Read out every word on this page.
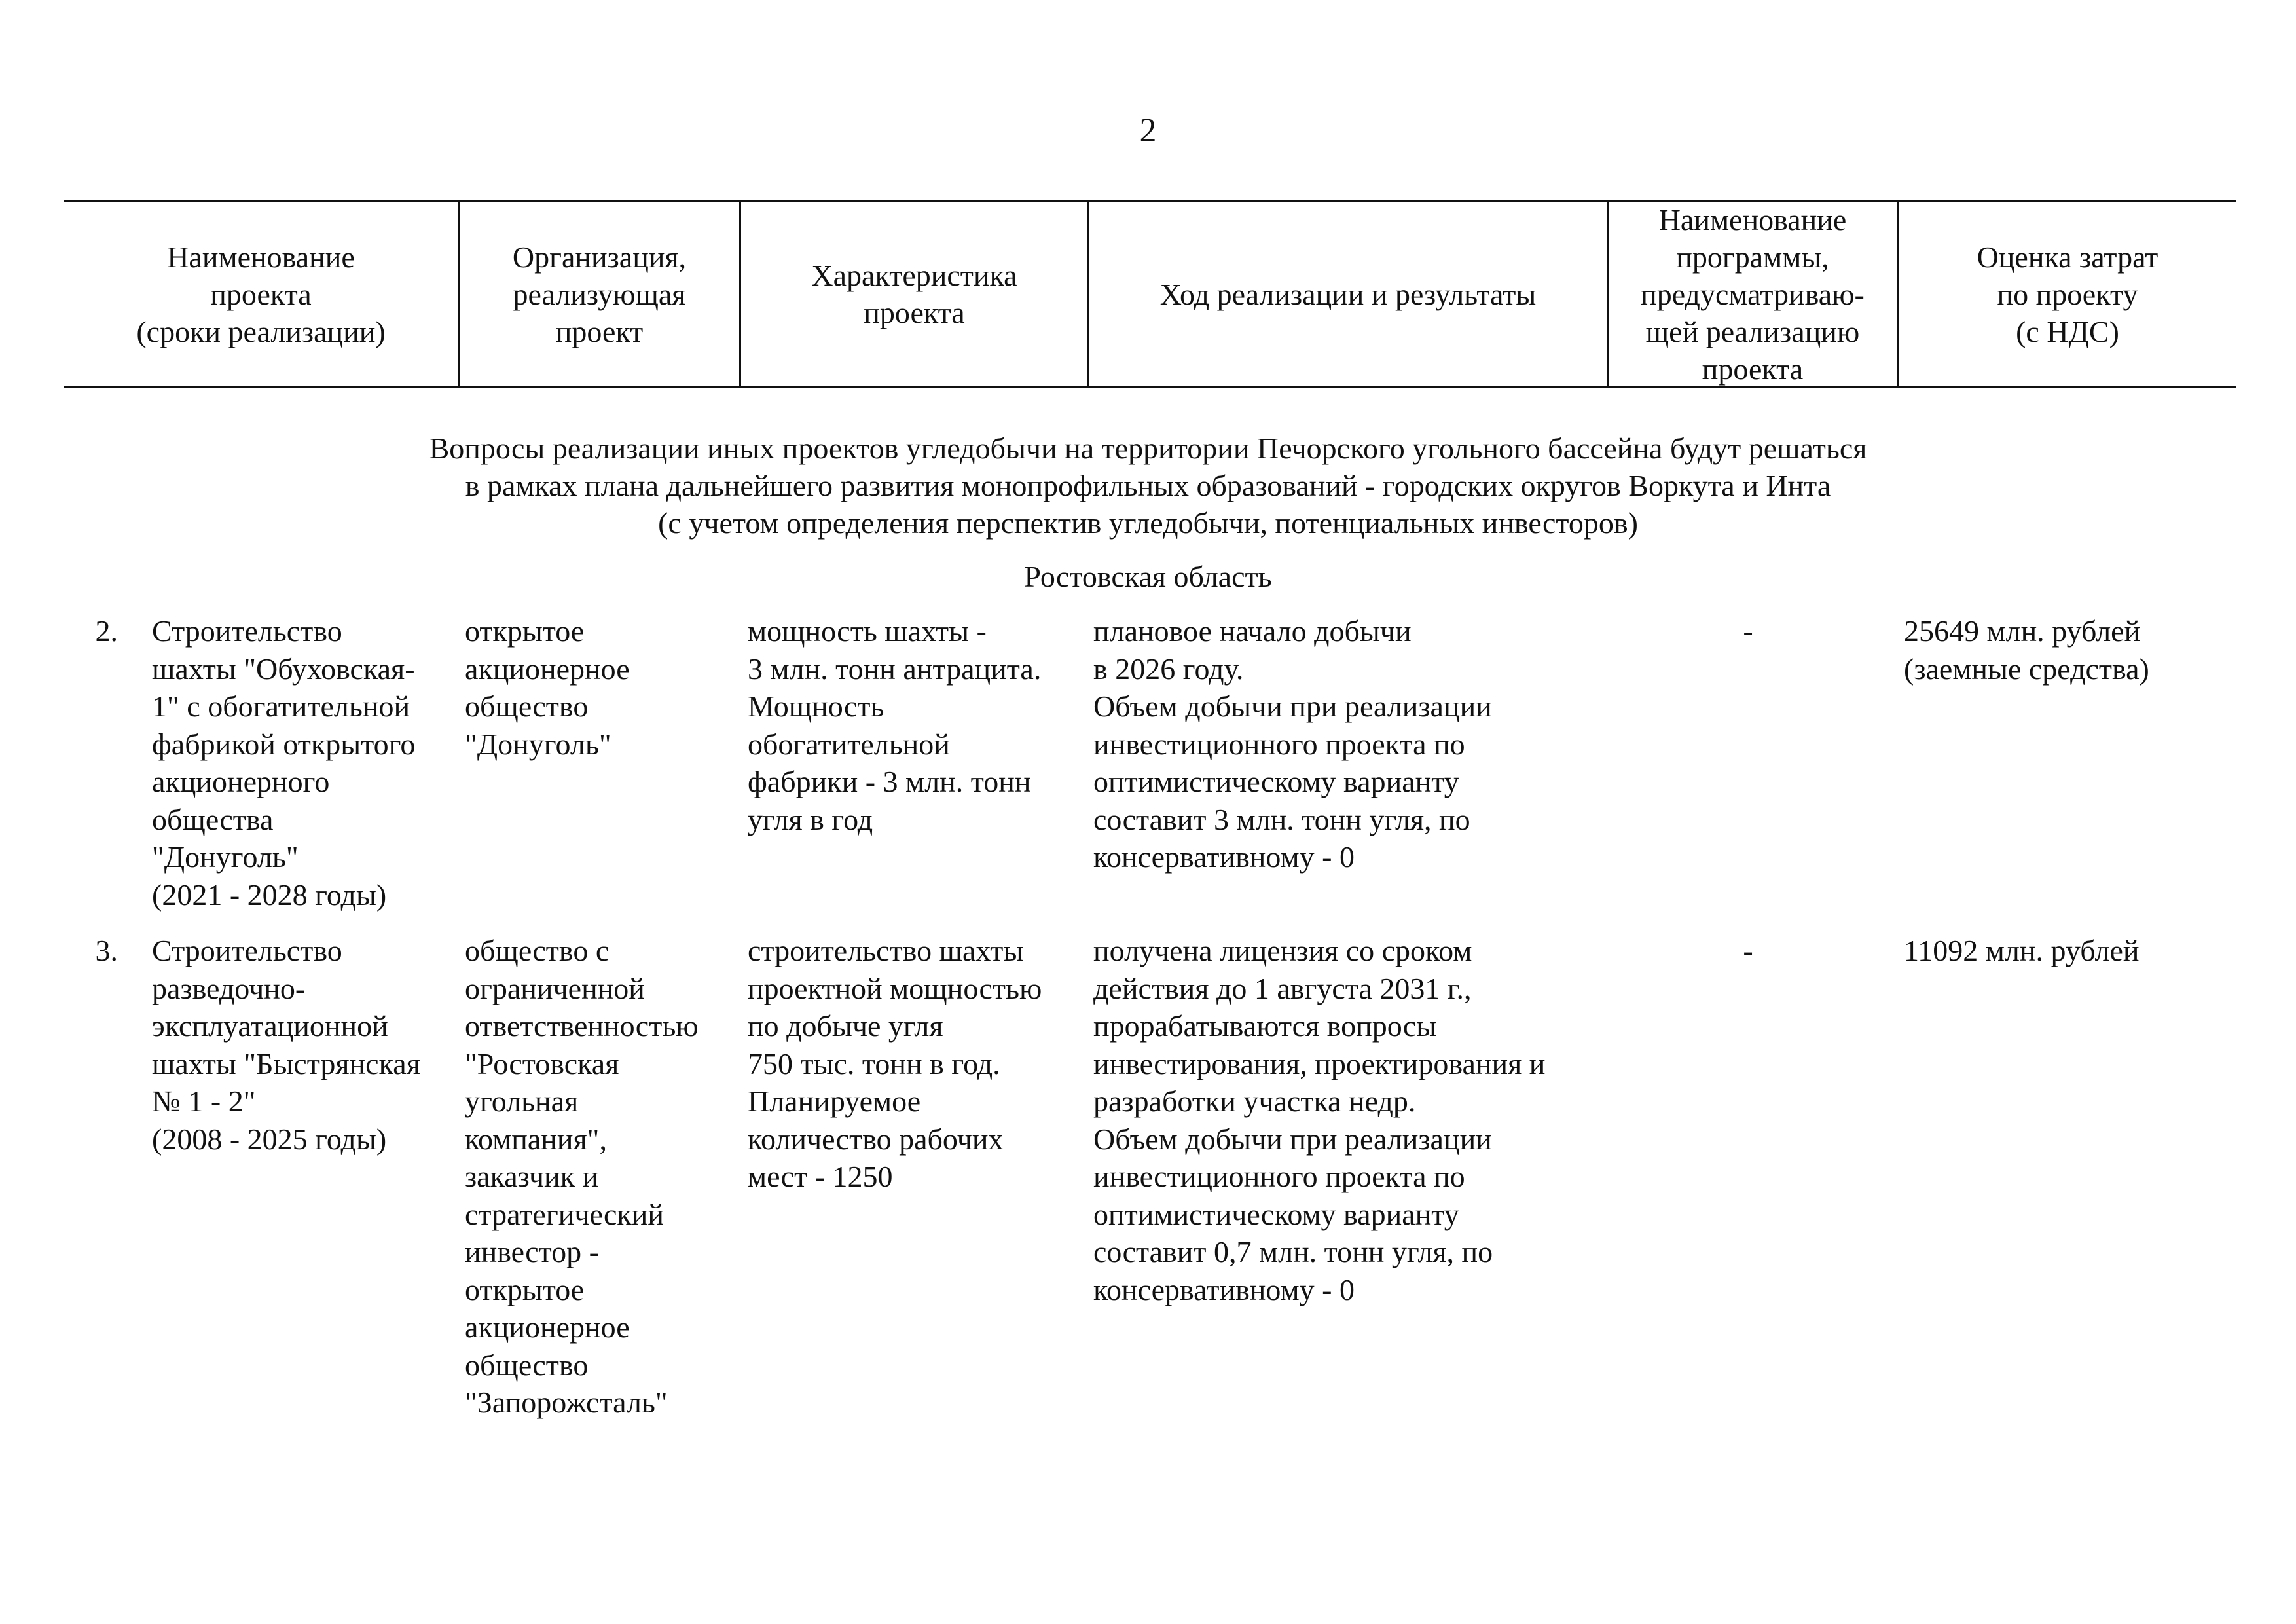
2
Наименование
проекта
(сроки реализации)
Организация,
реализующая
проект
Характеристика
проекта
Ход реализации и результаты
Наименование
программы,
предусматриваю-
щей реализацию
проекта
Оценка затрат
по проекту
(с НДС)
Вопросы реализации иных проектов угледобычи на территории Печорского угольного бассейна будут решаться
в рамках плана дальнейшего развития монопрофильных образований - городских округов Воркута и Инта
(с учетом определения перспектив угледобычи, потенциальных инвесторов)
Ростовская область
2. Строительство
шахты "Обуховская-
1" с обогатительной
фабрикой открытого
акционерного
общества
"Донуголь"
(2021 - 2028 годы)
открытое
акционерное
общество
"Донуголь"
мощность шахты -
3 млн. тонн антрацита.
Мощность
обогатительной
фабрики - 3 млн. тонн
угля в год
плановое начало добычи
в 2026 году.
Объем добычи при реализации
инвестиционного проекта по
оптимистическому варианту
составит 3 млн. тонн угля, по
консервативному - 0
-	25649 млн. рублей
(заемные средства)
3. Строительство
разведочно-
эксплуатационной
шахты "Быстрянская
№ 1 - 2"
(2008 - 2025 годы)
общество с
ограниченной
ответственностью
"Ростовская
угольная
компания",
заказчик и
стратегический
инвестор -
открытое
акционерное
общество
"Запорожсталь"
строительство шахты
проектной мощностью
по добыче угля
750 тыс. тонн в год.
Планируемое
количество рабочих
мест - 1250
получена лицензия со сроком
действия до 1 августа 2031 г.,
прорабатываются вопросы
инвестирования, проектирования и
разработки участка недр.
Объем добычи при реализации
инвестиционного проекта по
оптимистическому варианту
составит 0,7 млн. тонн угля, по
консервативному - 0
-	11092 млн. рублей
